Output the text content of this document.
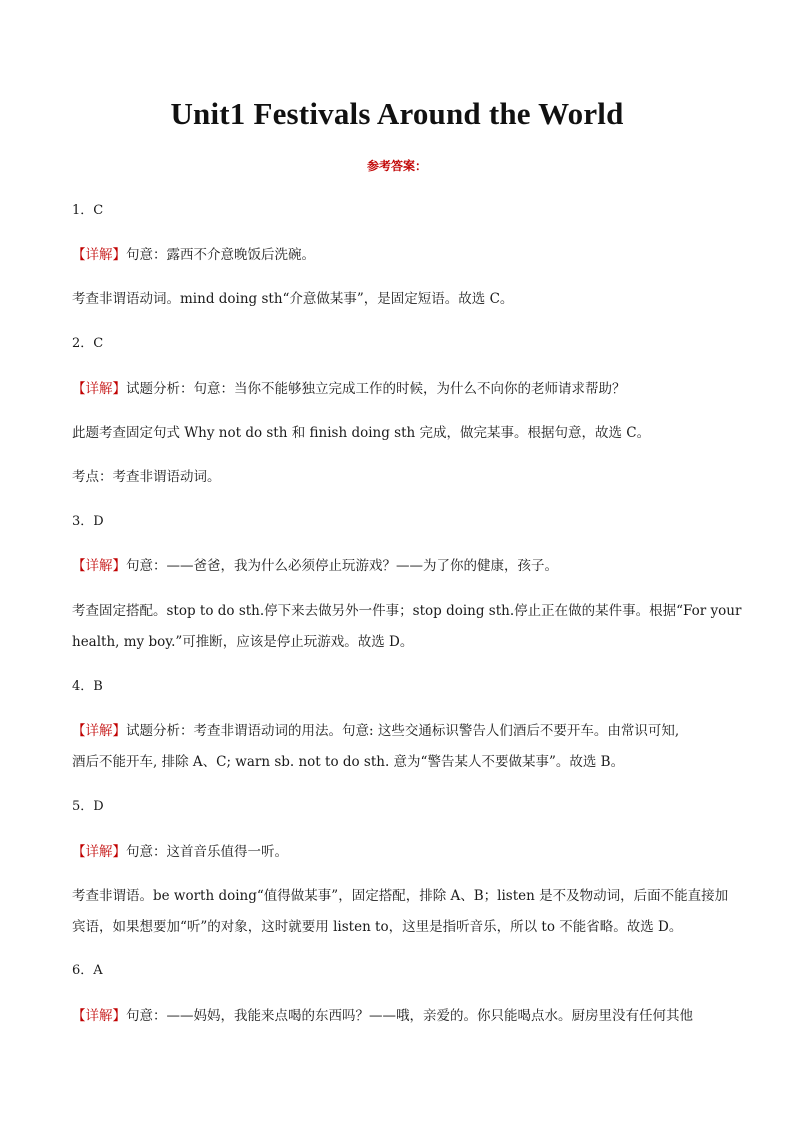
Unit1 Festivals Around the World
参考答案：
1．C
【详解】句意：露西不介意晚饭后洗碗。
考查非谓语动词。mind doing sth“介意做某事”，是固定短语。故选 C。
2．C
【详解】试题分析：句意：当你不能够独立完成工作的时候，为什么不向你的老师请求帮助？
此题考查固定句式 Why not do sth 和 finish doing sth 完成，做完某事。根据句意，故选 C。
考点：考查非谓语动词。
3．D
【详解】句意：——爸爸，我为什么必须停止玩游戏？——为了你的健康，孩子。
考查固定搭配。stop to do sth.停下来去做另外一件事；stop doing sth.停止正在做的某件事。根据“For your
health, my boy.”可推断，应该是停止玩游戏。故选 D。
4．B
【详解】试题分析：考查非谓语动词的用法。句意: 这些交通标识警告人们酒后不要开车。由常识可知,
酒后不能开车, 排除 A、C; warn sb. not to do sth. 意为“警告某人不要做某事”。故选 B。
5．D
【详解】句意：这首音乐值得一听。
考查非谓语。be worth doing“值得做某事”，固定搭配，排除 A、B；listen 是不及物动词，后面不能直接加
宾语，如果想要加“听”的对象，这时就要用 listen to，这里是指听音乐，所以 to 不能省略。故选 D。
6．A
【详解】句意：——妈妈，我能来点喝的东西吗？——哦，亲爱的。你只能喝点水。厨房里没有任何其他
